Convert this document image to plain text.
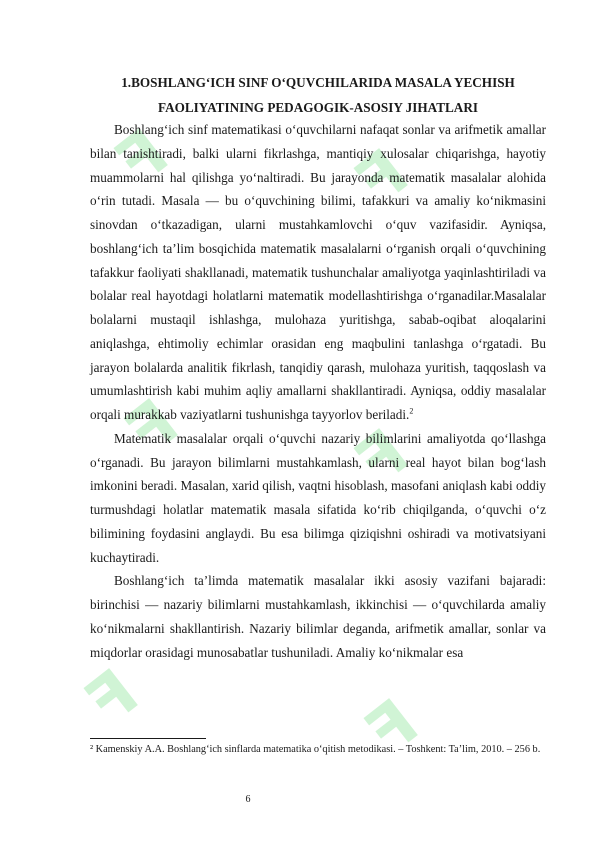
ꟻ ꟻ
ꟻ ꟻ
ꟻ	ꟻ
1.BOSHLANG‘ICH SINF O‘QUVCHILARIDA MASALA YECHISH
FAOLIYATINING PEDAGOGIK-ASOSIY JIHATLARI

Boshlang‘ich sinf matematikasi o‘quvchilarni nafaqat sonlar va arifmetik amallar bilan tanishtiradi, balki ularni fikrlashga, mantiqiy xulosalar chiqarishga, hayotiy muammolarni hal qilishga yo‘naltiradi. Bu jarayonda matematik masalalar alohida o‘rin tutadi. Masala — bu o‘quvchining bilimi, tafakkuri va amaliy ko‘nikmasini sinovdan o‘tkazadigan, ularni mustahkamlovchi o‘quv vazifasidir. Ayniqsa, boshlang‘ich ta’lim bosqichida matematik masalalarni o‘rganish orqali o‘quvchining tafakkur faoliyati shakllanadi, matematik tushunchalar amaliyotga yaqinlashtiriladi va bolalar real hayotdagi holatlarni matematik modellashtirishga o‘rganadilar.Masalalar bolalarni mustaqil ishlashga, mulohaza yuritishga, sabab-oqibat aloqalarini aniqlashga, ehtimoliy echimlar orasidan eng maqbulini tanlashga o‘rgatadi. Bu jarayon bolalarda analitik fikrlash, tanqidiy qarash, mulohaza yuritish, taqqoslash va umumlashtirish kabi muhim aqliy amallarni shakllantiradi. Ayniqsa, oddiy masalalar orqali murakkab vaziyatlarni tushunishga tayyorlov beriladi.$^2$

Matematik masalalar orqali o‘quvchi nazariy bilimlarini amaliyotda qo‘llashga o‘rganadi. Bu jarayon bilimlarni mustahkamlash, ularni real hayot bilan bog‘lash imkonini beradi. Masalan, xarid qilish, vaqtni hisoblash, masofani aniqlash kabi oddiy turmushdagi holatlar matematik masala sifatida ko‘rib chiqilganda, o‘quvchi o‘z bilimining foydasini anglaydi. Bu esa bilimga qiziqishni oshiradi va motivatsiyani kuchaytiradi.

Boshlang‘ich ta’limda matematik masalalar ikki asosiy vazifani bajaradi: birinchisi — nazariy bilimlarni mustahkamlash, ikkinchisi — o‘quvchilarda amaliy ko‘nikmalarni shakllantirish. Nazariy bilimlar deganda, arifmetik amallar, sonlar va miqdorlar orasidagi munosabatlar tushuniladi. Amaliy ko‘nikmalar esa

² Kamenskiy A.A. Boshlang‘ich sinflarda matematika o‘qitish metodikasi. – Toshkent: Ta’lim, 2010. – 256 b.
6
